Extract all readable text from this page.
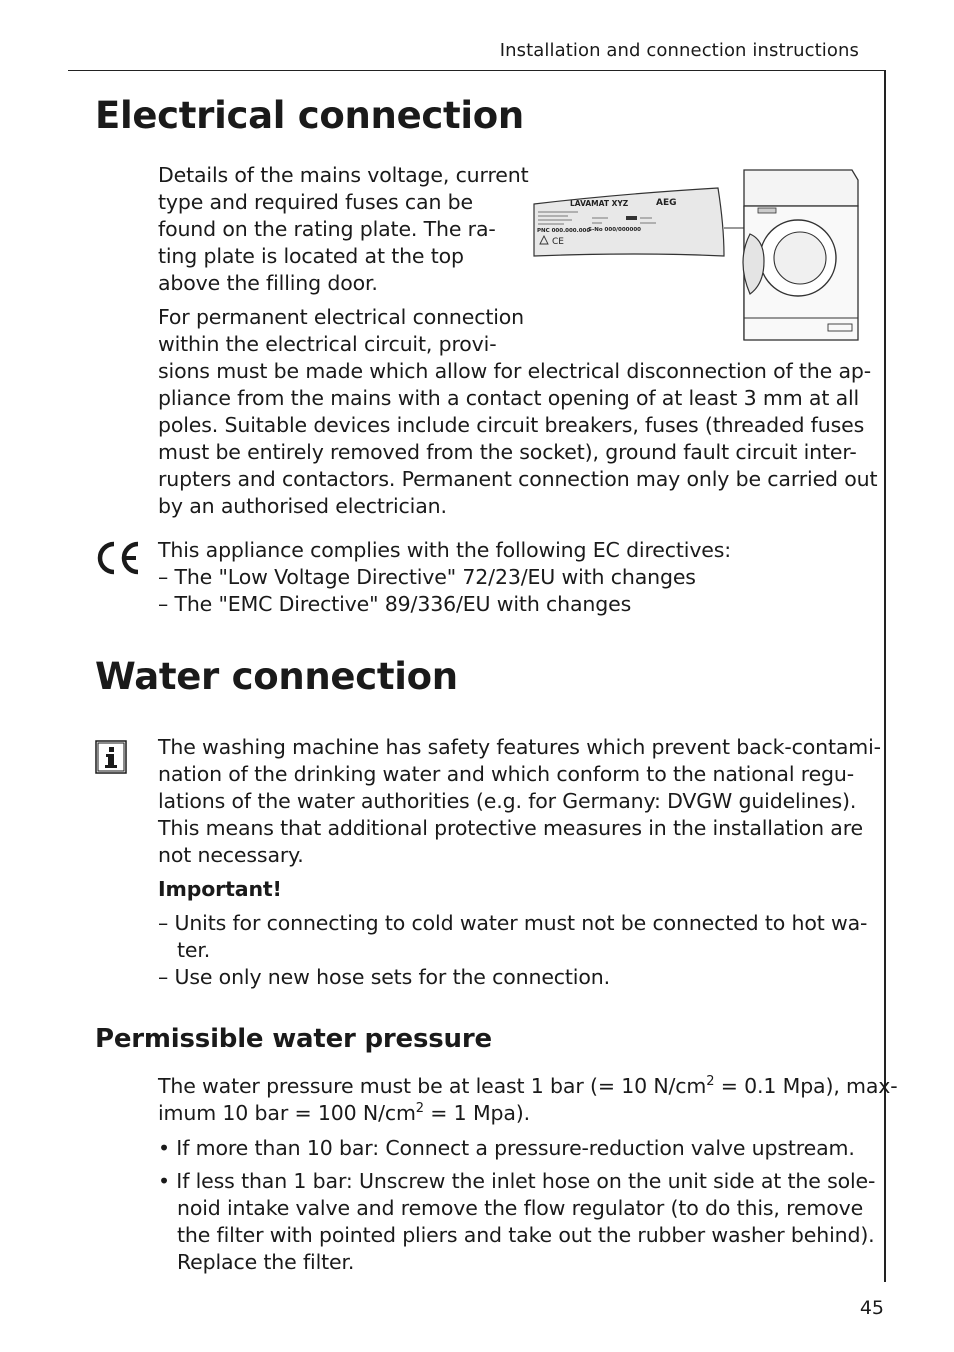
Installation and connection instructions
Electrical connection
Details of the mains voltage, current
type and required fuses can be
found on the rating plate. The ra-
ting plate is located at the top
above the filling door.
For permanent electrical connection
within the electrical circuit, provi-
sions must be made which allow for electrical disconnection of the ap-
pliance from the mains with a contact opening of at least 3 mm at all
poles. Suitable devices include circuit breakers, fuses (threaded fuses
must be entirely removed from the socket), ground fault circuit inter-
rupters and contactors. Permanent connection may only be carried out
by an authorised electrician.
LAVAMAT XYZ	AEG
PNC 000.000.000
S-No 000/000000
CE
This appliance complies with the following EC directives:
– The "Low Voltage Directive" 72/23/EU with changes
– The "EMC Directive" 89/336/EU with changes
Water connection
The washing machine has safety features which prevent back-contami-
nation of the drinking water and which conform to the national regu-
lations of the water authorities (e.g. for Germany: DVGW guidelines).
This means that additional protective measures in the installation are
not necessary.
Important!
– Units for connecting to cold water must not be connected to hot wa-
ter.
– Use only new hose sets for the connection.
Permissible water pressure
The water pressure must be at least 1 bar (= 10 $N/cm^2 = 0.1$ Mpa), max-
imum 10 bar = 100 $N/cm^2 = 1$ Mpa).
• If more than 10 bar: Connect a pressure-reduction valve upstream.
• If less than 1 bar: Unscrew the inlet hose on the unit side at the sole-
noid intake valve and remove the flow regulator (to do this, remove
the filter with pointed pliers and take out the rubber washer behind).
Replace the filter.
45
